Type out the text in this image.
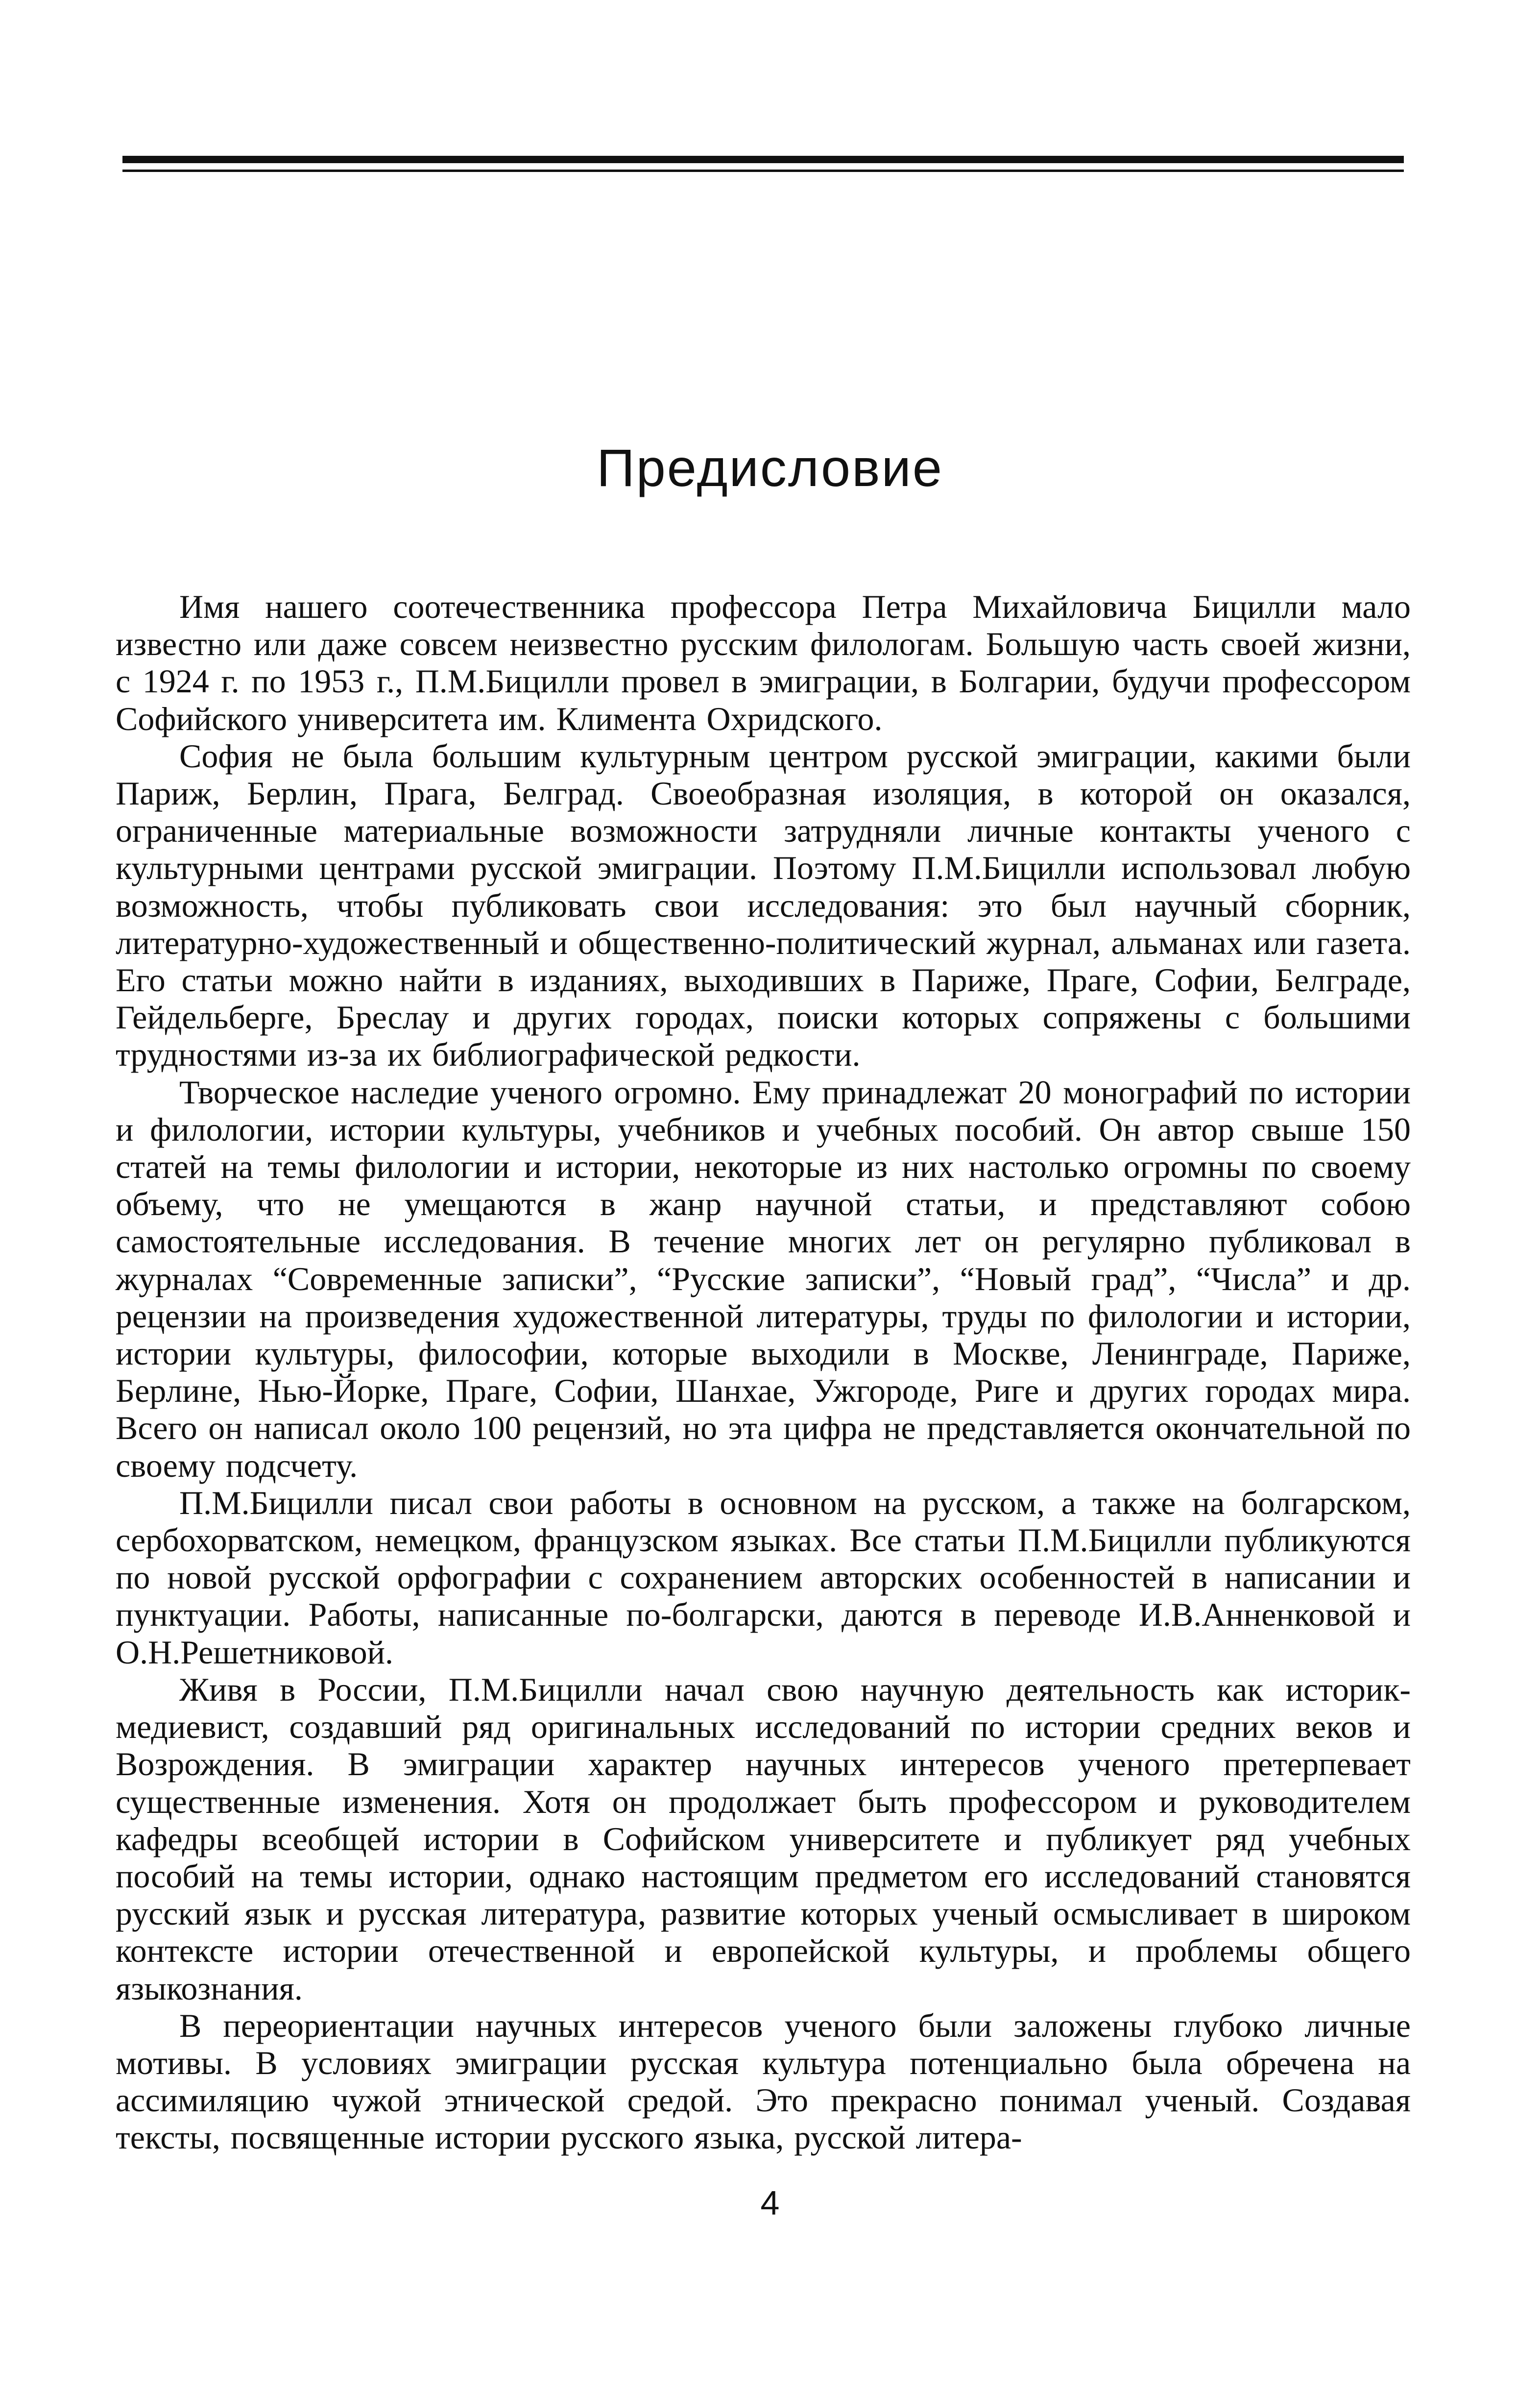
Предисловие

Имя нашего соотечественника профессора Петра Михайловича Бицилли мало известно или даже совсем неизвестно русским филологам. Большую часть своей жизни, с 1924 г. по 1953 г., П.М.Бицилли провел в эмиграции, в Болгарии, будучи профессором Софийского университета им. Климента Охридского.

София не была большим культурным центром русской эмиграции, какими были Париж, Берлин, Прага, Белград. Своеобразная изоляция, в которой он оказался, ограниченные материальные возможности затрудняли личные контакты ученого с культурными центрами русской эмиграции. Поэтому П.М.Бицилли использовал любую возможность, чтобы публиковать свои исследования: это был научный сборник, литературно-художественный и общественно-политический журнал, альманах или газета. Его статьи можно найти в изданиях, выходивших в Париже, Праге, Софии, Белграде, Гейдельберге, Бреслау и других городах, поиски которых сопряжены с большими трудностями из-за их библиографической редкости.

Творческое наследие ученого огромно. Ему принадлежат 20 монографий по истории и филологии, истории культуры, учебников и учебных пособий. Он автор свыше 150 статей на темы филологии и истории, некоторые из них настолько огромны по своему объему, что не умещаются в жанр научной статьи, и представляют собою самостоятельные исследования. В течение многих лет он регулярно публиковал в журналах “Современные записки”, “Русские записки”, “Новый град”, “Числа” и др. рецензии на произведения художественной литературы, труды по филологии и истории, истории культуры, философии, которые выходили в Москве, Ленинграде, Париже, Берлине, Нью-Йорке, Праге, Софии, Шанхае, Ужгороде, Риге и других городах мира. Всего он написал около 100 рецензий, но эта цифра не представляется окончательной по своему подсчету.

П.М.Бицилли писал свои работы в основном на русском, а также на болгарском, сербохорватском, немецком, французском языках. Все статьи П.М.Бицилли публикуются по новой русской орфографии с сохранением авторских особенностей в написании и пунктуации. Работы, написанные по-болгарски, даются в переводе И.В.Анненковой и О.Н.Решетниковой.

Живя в России, П.М.Бицилли начал свою научную деятельность как историк-медиевист, создавший ряд оригинальных исследований по истории средних веков и Возрождения. В эмиграции характер научных интересов ученого претерпевает существенные изменения. Хотя он продолжает быть профессором и руководителем кафедры всеобщей истории в Софийском университете и публикует ряд учебных пособий на темы истории, однако настоящим предметом его исследований становятся русский язык и русская литература, развитие которых ученый осмысливает в широком контексте истории отечественной и европейской культуры, и проблемы общего языкознания.

В переориентации научных интересов ученого были заложены глубоко личные мотивы. В условиях эмиграции русская культура потенциально была обречена на ассимиляцию чужой этнической средой. Это прекрасно понимал ученый. Создавая тексты, посвященные истории русского языка, русской литера-

4
